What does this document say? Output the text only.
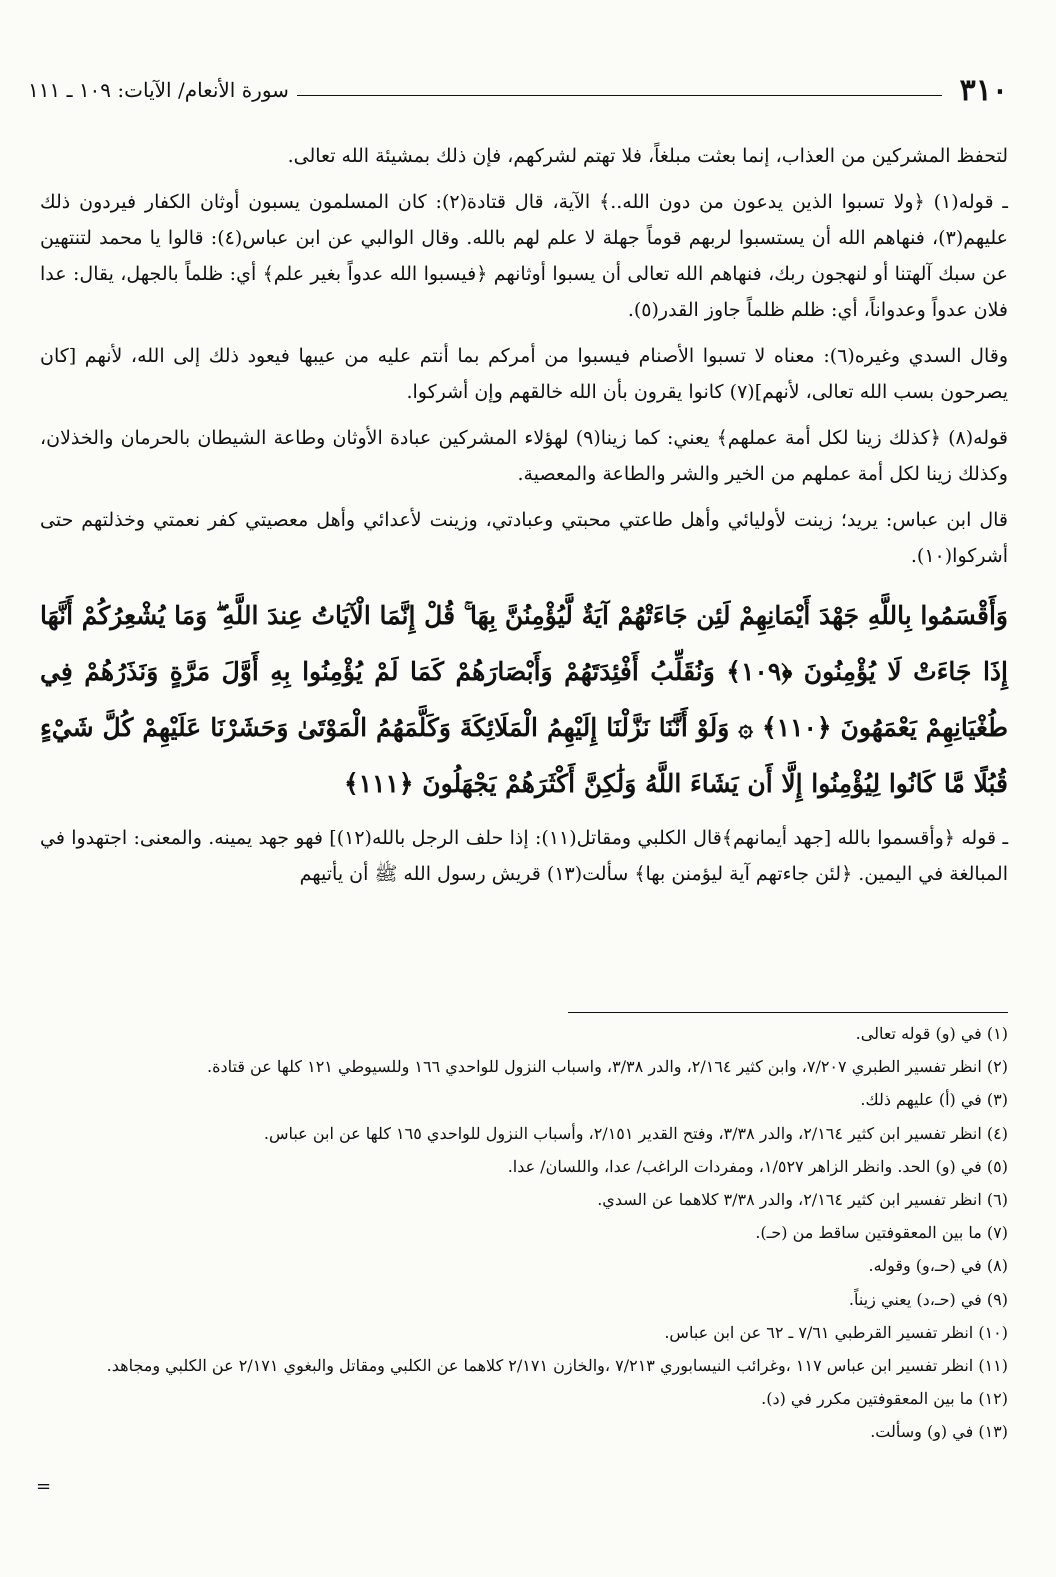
٣١٠
سورة الأنعام/ الآيات: ١٠٩ ـ ١١١

لتحفظ المشركين من العذاب، إنما بعثت مبلغاً، فلا تهتم لشركهم، فإن ذلك بمشيئة الله تعالى.

ـ قوله(١) ﴿ولا تسبوا الذين يدعون من دون الله..﴾ الآية، قال قتادة(٢): كان المسلمون يسبون أوثان الكفار فيردون ذلك عليهم(٣)، فنهاهم الله أن يستسبوا لربهم قوماً جهلة لا علم لهم بالله. وقال الوالبي عن ابن عباس(٤): قالوا يا محمد لتنتهين عن سبك آلهتنا أو لنهجون ربك، فنهاهم الله تعالى أن يسبوا أوثانهم ﴿فيسبوا الله عدواً بغير علم﴾ أي: ظلماً بالجهل، يقال: عدا فلان عدواً وعدواناً، أي: ظلم ظلماً جاوز القدر(٥).

وقال السدي وغيره(٦): معناه لا تسبوا الأصنام فيسبوا من أمركم بما أنتم عليه من عيبها فيعود ذلك إلى الله، لأنهم [كان يصرحون بسب الله تعالى، لأنهم](٧) كانوا يقرون بأن الله خالقهم وإن أشركوا.

قوله(٨) ﴿كذلك زينا لكل أمة عملهم﴾ يعني: كما زينا(٩) لهؤلاء المشركين عبادة الأوثان وطاعة الشيطان بالحرمان والخذلان، وكذلك زينا لكل أمة عملهم من الخير والشر والطاعة والمعصية.

قال ابن عباس: يريد؛ زينت لأوليائي وأهل طاعتي محبتي وعبادتي، وزينت لأعدائي وأهل معصيتي كفر نعمتي وخذلتهم حتى أشركوا(١٠).

وَأَقْسَمُوا بِاللَّهِ جَهْدَ أَيْمَانِهِمْ لَئِن جَاءَتْهُمْ آيَةٌ لَّيُؤْمِنُنَّ بِهَا ۚ قُلْ إِنَّمَا الْآيَاتُ عِندَ اللَّهِ ۖ وَمَا يُشْعِرُكُمْ أَنَّهَا إِذَا جَاءَتْ لَا يُؤْمِنُونَ ﴿١٠٩﴾ وَنُقَلِّبُ أَفْئِدَتَهُمْ وَأَبْصَارَهُمْ كَمَا لَمْ يُؤْمِنُوا بِهِ أَوَّلَ مَرَّةٍ وَنَذَرُهُمْ فِي طُغْيَانِهِمْ يَعْمَهُونَ ﴿١١٠﴾ ۞ وَلَوْ أَنَّنَا نَزَّلْنَا إِلَيْهِمُ الْمَلَائِكَةَ وَكَلَّمَهُمُ الْمَوْتَىٰ وَحَشَرْنَا عَلَيْهِمْ كُلَّ شَيْءٍ قُبُلًا مَّا كَانُوا لِيُؤْمِنُوا إِلَّا أَن يَشَاءَ اللَّهُ وَلَٰكِنَّ أَكْثَرَهُمْ يَجْهَلُونَ ﴿١١١﴾

ـ قوله ﴿وأقسموا بالله [جهد أيمانهم﴾قال الكلبي ومقاتل(١١): إذا حلف الرجل بالله(١٢)] فهو جهد يمينه. والمعنى: اجتهدوا في المبالغة في اليمين. ﴿لئن جاءتهم آية ليؤمنن بها﴾ سألت(١٣) قريش رسول الله ﷺ أن يأتيهم

(١) في (و) قوله تعالى.

(٢) انظر تفسير الطبري ٧/٢٠٧، وابن كثير ٢/١٦٤، والدر ٣/٣٨، واسباب النزول للواحدي ١٦٦ وللسيوطي ١٢١ كلها عن قتادة.

(٣) في (أ) عليهم ذلك.

(٤) انظر تفسير ابن كثير ٢/١٦٤، والدر ٣/٣٨، وفتح القدير ٢/١٥١، وأسباب النزول للواحدي ١٦٥ كلها عن ابن عباس.

(٥) في (و) الحد. وانظر الزاهر ١/٥٢٧، ومفردات الراغب/ عدا، واللسان/ عدا.

(٦) انظر تفسير ابن كثير ٢/١٦٤، والدر ٣/٣٨ كلاهما عن السدي.

(٧) ما بين المعقوفتين ساقط من (حـ).

(٨) في (حـ،و) وقوله.

(٩) في (حـ،د) يعني زيناً.

(١٠) انظر تفسير القرطبي ٧/٦١ ـ ٦٢ عن ابن عباس.

(١١) انظر تفسير ابن عباس ١١٧ ،وغرائب النيسابوري ٧/٢١٣ ،والخازن ٢/١٧١ كلاهما عن الكلبي ومقاتل والبغوي ٢/١٧١ عن الكلبي ومجاهد.

(١٢) ما بين المعقوفتين مكرر في (د).

(١٣) في (و) وسألت.

=
